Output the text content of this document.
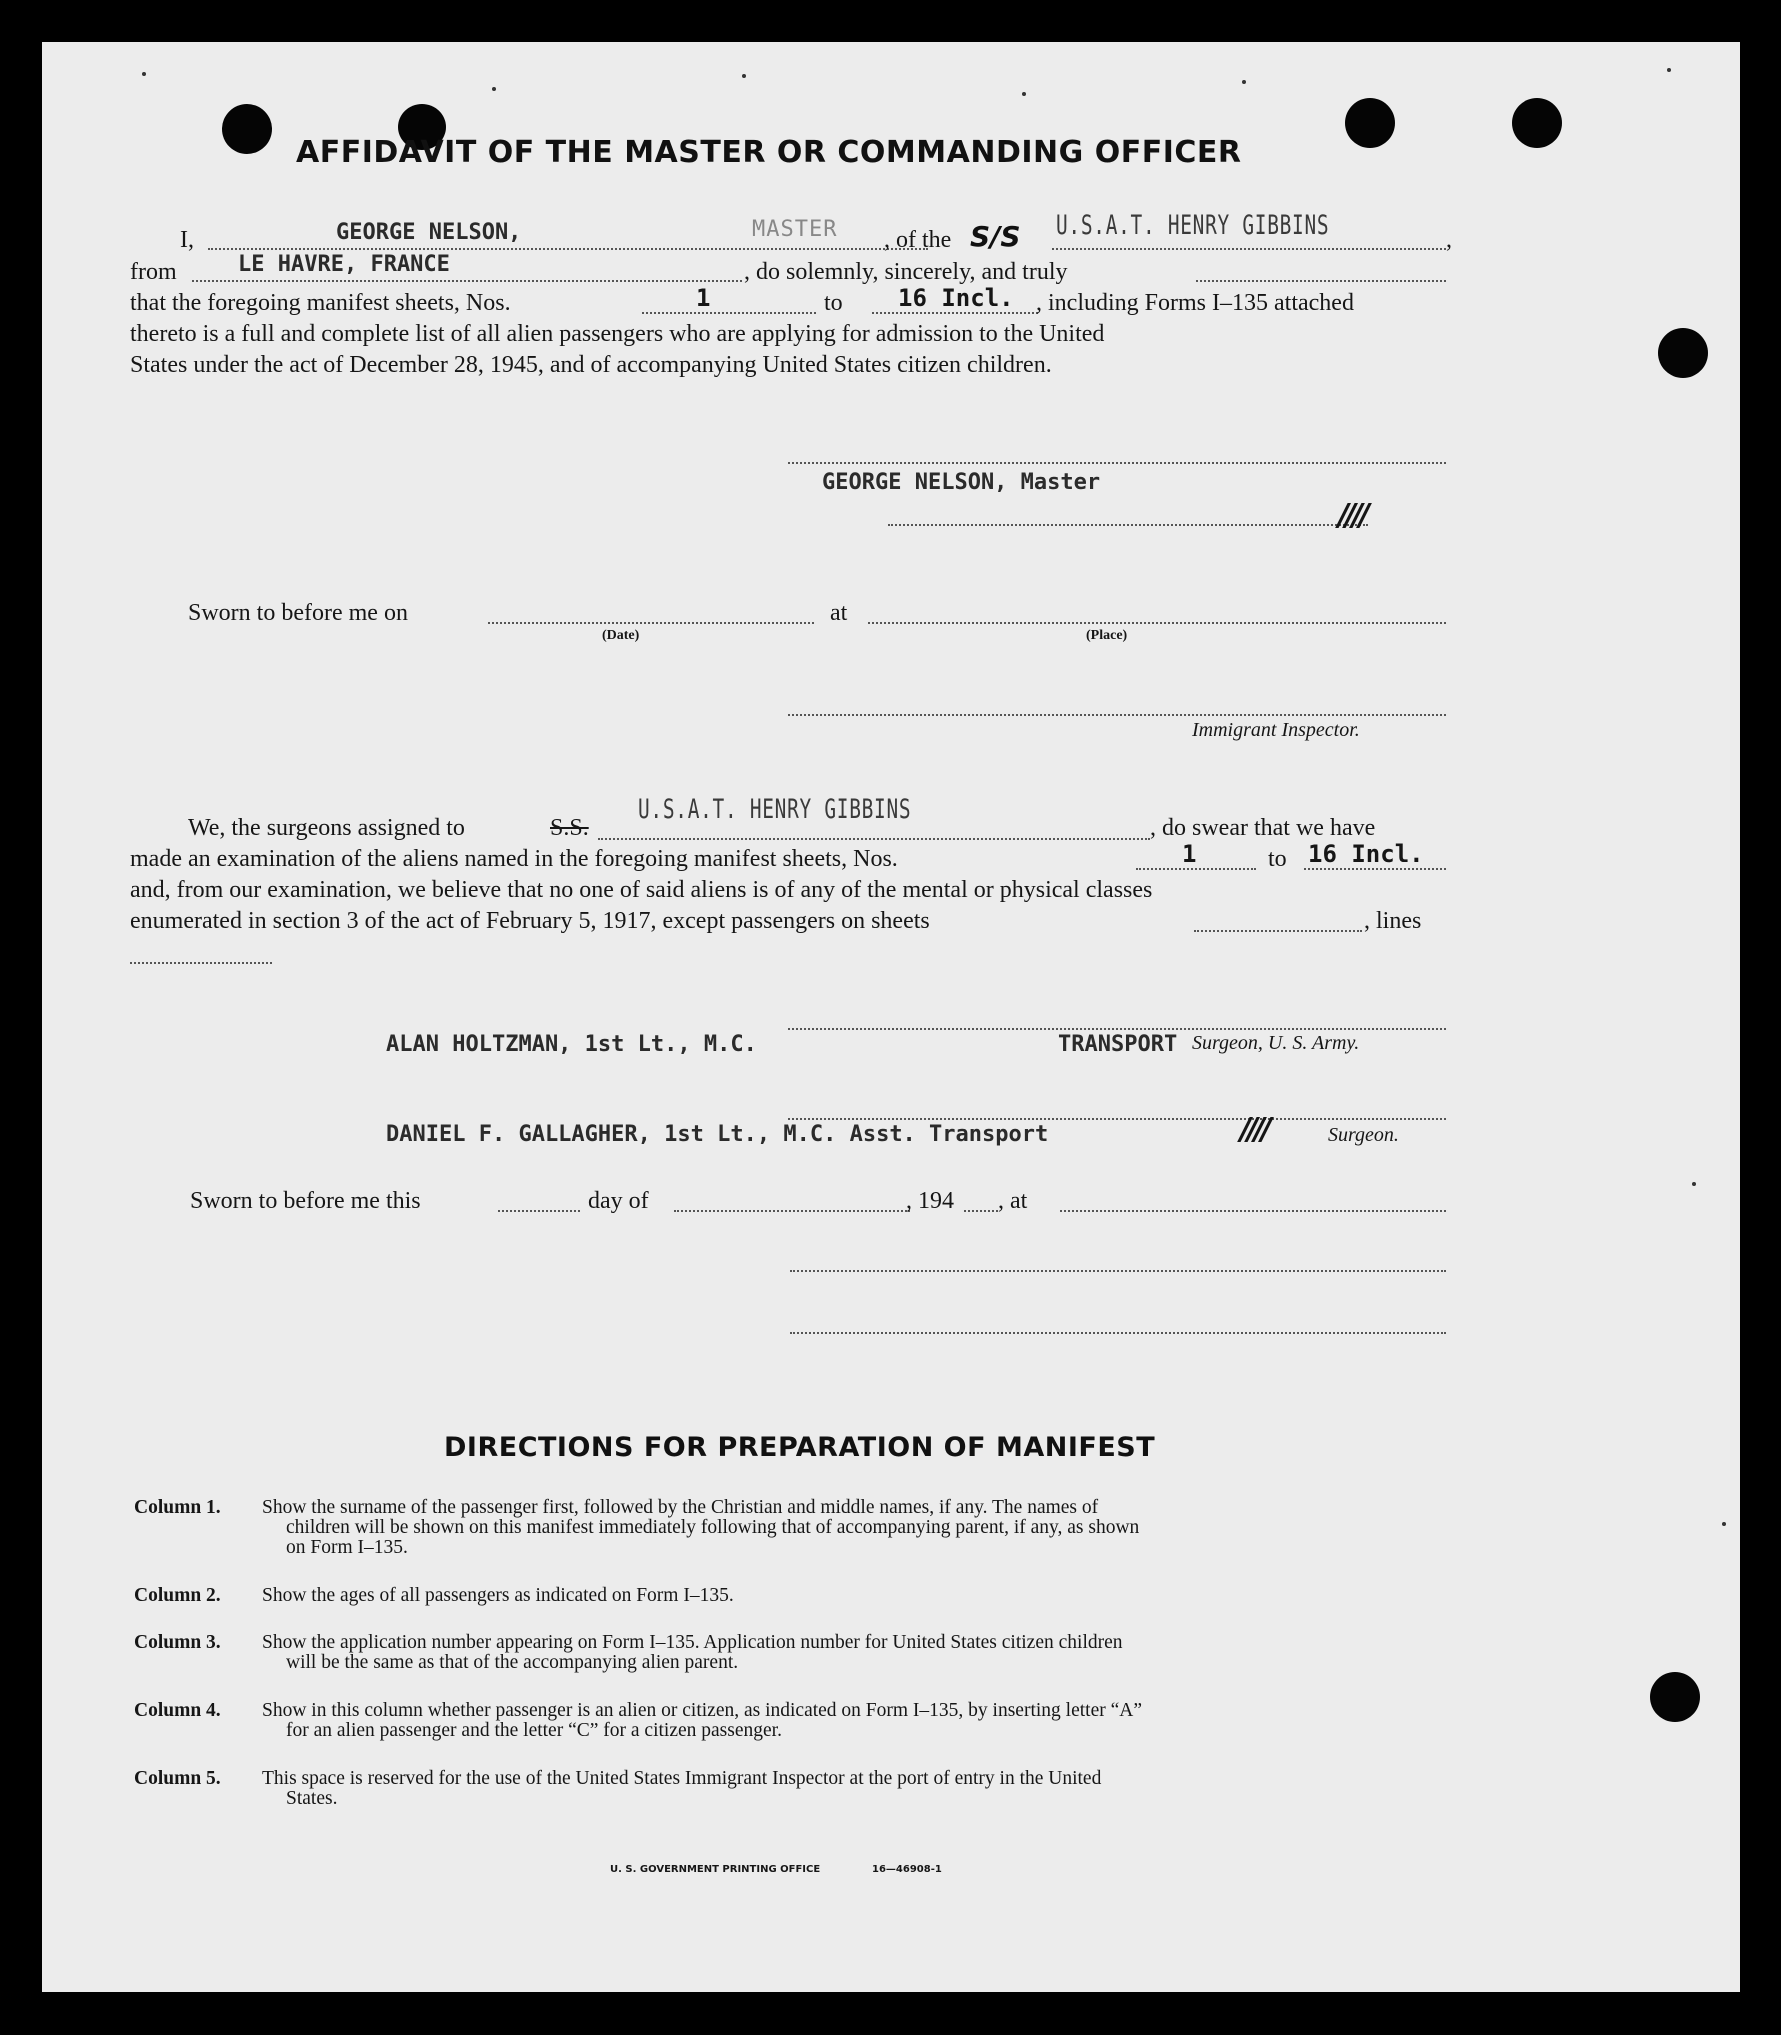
AFFIDAVIT OF THE MASTER OR COMMANDING OFFICER
I,	GEORGE NELSON,	MASTER , of the S/S U.S.A.T. HENRY GIBBINS	,
from	LE HAVRE, FRANCE	, do solemnly, sincerely, and truly
that the foregoing manifest sheets, Nos.	1	to 16 Incl. , including Forms I–135 attached
thereto is a full and complete list of all alien passengers who are applying for admission to the United
States under the act of December 28, 1945, and of accompanying United States citizen children.
GEORGE NELSON, Master
////
Sworn to before me on
(Date)
at
(Place)
Immigrant Inspector.
We, the surgeons assigned to	S.S.
U.S.A.T. HENRY GIBBINS
, do swear that we have
made an examination of the aliens named in the foregoing manifest sheets, Nos.	1	to 16 Incl.
and, from our examination, we believe that no one of said aliens is of any of the mental or physical classes
enumerated in section 3 of the act of February 5, 1917, except passengers on sheets	, lines
ALAN HOLTZMAN, 1st Lt., M.C.	TRANSPORT Surgeon, U. S. Army.
DANIEL F. GALLAGHER, 1st Lt., M.C. Asst. Transport	////	Surgeon.
Sworn to before me this	day of	, 194 , at
DIRECTIONS FOR PREPARATION OF MANIFEST
Column 1. Show the surname of the passenger first, followed by the Christian and middle names, if any. The names of
children will be shown on this manifest immediately following that of accompanying parent, if any, as shown
on Form I–135.
Column 2. Show the ages of all passengers as indicated on Form I–135.
Column 3. Show the application number appearing on Form I–135. Application number for United States citizen children
will be the same as that of the accompanying alien parent.
Column 4. Show in this column whether passenger is an alien or citizen, as indicated on Form I–135, by inserting letter “A”
for an alien passenger and the letter “C” for a citizen passenger.
Column 5. This space is reserved for the use of the United States Immigrant Inspector at the port of entry in the United
States.
U. S. GOVERNMENT PRINTING OFFICE	16—46908-1
